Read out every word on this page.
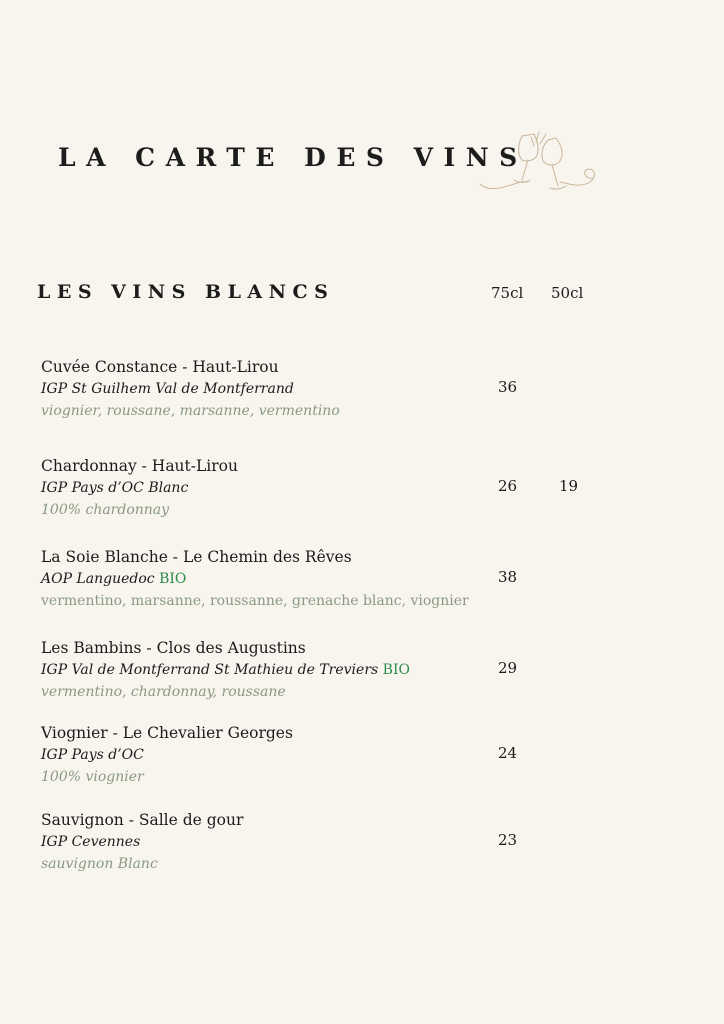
LA CARTE DES VINS
LES VINS BLANCS	75cl 50cl
Cuvée Constance - Haut-Lirou
IGP St Guilhem Val de Montferrand
viognier, roussane, marsanne, vermentino
36
Chardonnay - Haut-Lirou
IGP Pays d’OC Blanc
100% chardonnay
26	19
La Soie Blanche - Le Chemin des Rêves
AOP Languedoc BIO
vermentino, marsanne, roussanne, grenache blanc, viognier
38
Les Bambins - Clos des Augustins
IGP Val de Montferrand St Mathieu de Treviers BIO
vermentino, chardonnay, roussane
29
Viognier - Le Chevalier Georges
IGP Pays d’OC
100% viognier
24
Sauvignon - Salle de gour
IGP Cevennes
sauvignon Blanc
23
